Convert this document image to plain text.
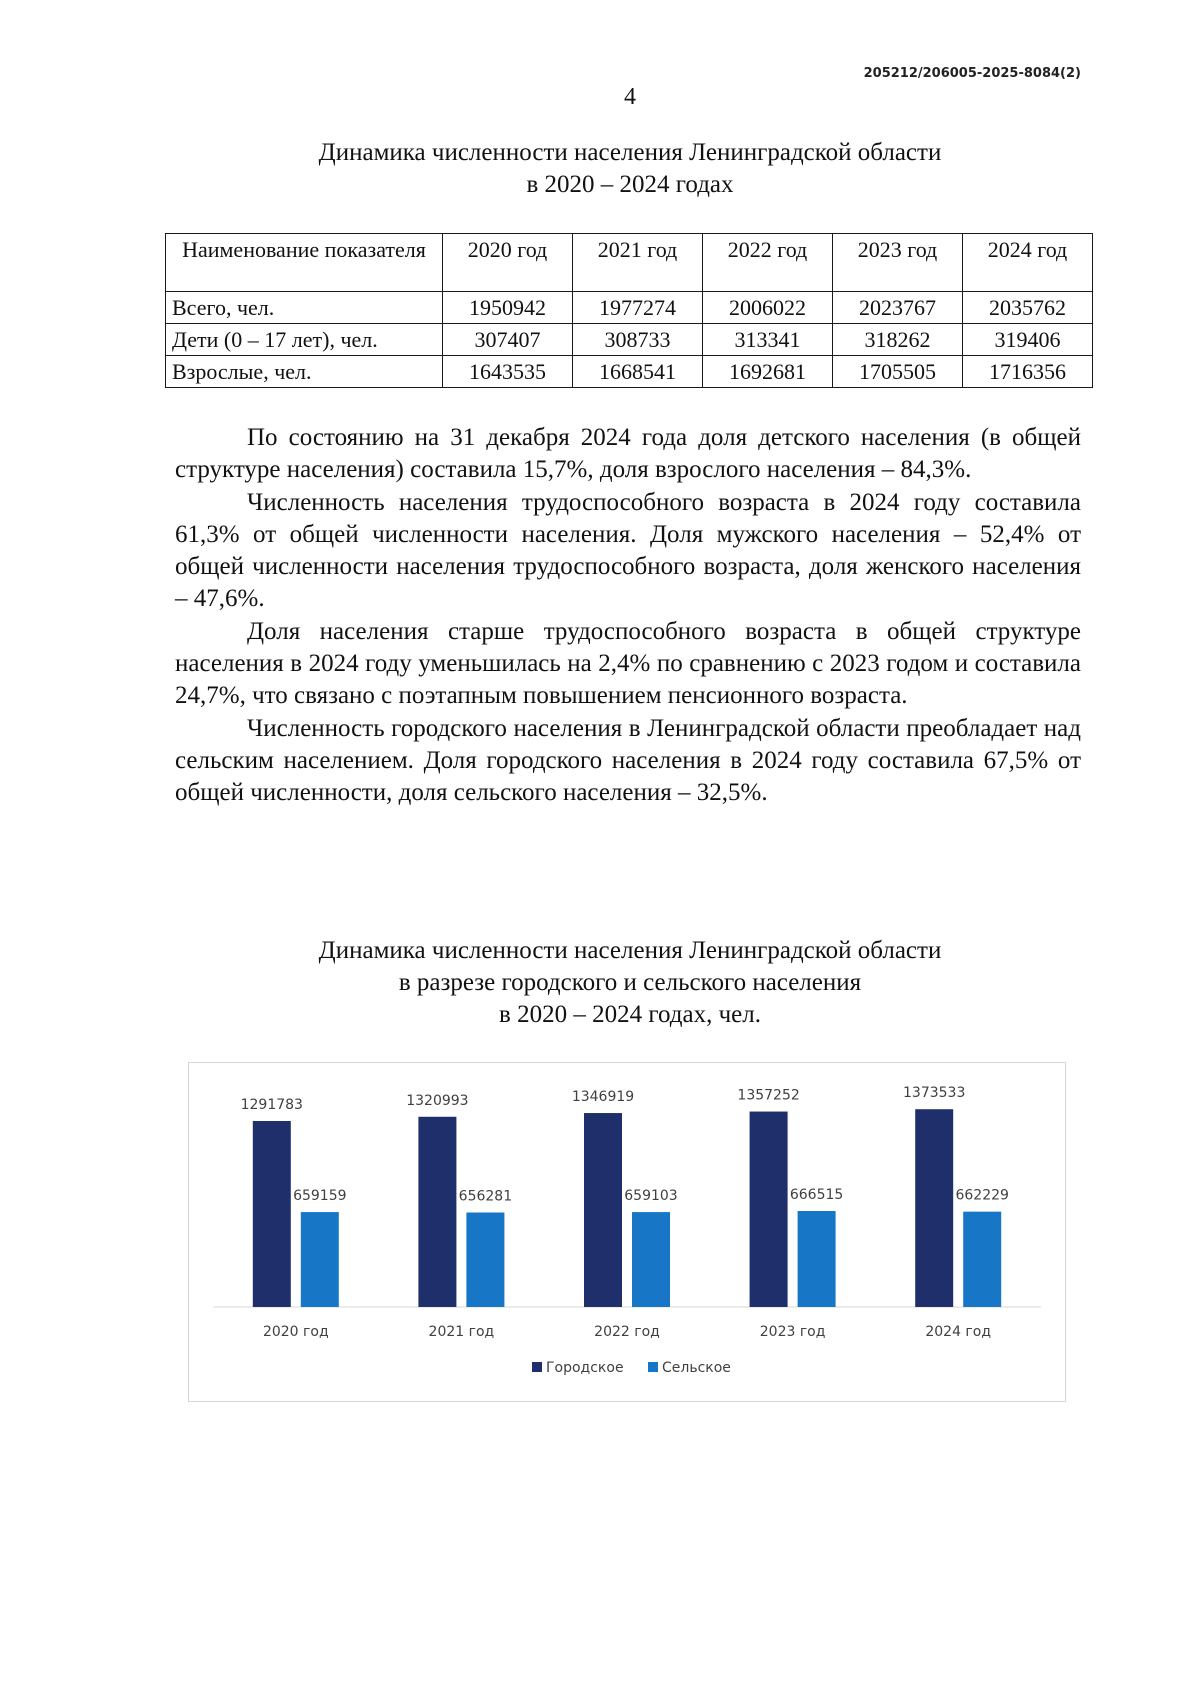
205212/206005-2025-8084(2)
4
Динамика численности населения Ленинградской области
в 2020 – 2024 годах
Наименование показателя	2020 год	2021 год	2022 год	2023 год	2024 год
Всего, чел.	1950942	1977274	2006022	2023767	2035762
Дети (0 – 17 лет), чел.	307407	308733	313341	318262	319406
Взрослые, чел.	1643535	1668541	1692681	1705505	1716356

По состоянию на 31 декабря 2024 года доля детского населения (в общей структуре населения) составила 15,7%, доля взрослого населения – 84,3%.

Численность населения трудоспособного возраста в 2024 году составила 61,3% от общей численности населения. Доля мужского населения – 52,4% от общей численности населения трудоспособного возраста, доля женского населения – 47,6%.

Доля населения старше трудоспособного возраста в общей структуре населения в 2024 году уменьшилась на 2,4% по сравнению с 2023 годом и составила 24,7%, что связано с поэтапным повышением пенсионного возраста.

Численность городского населения в Ленинградской области преобладает над сельским населением. Доля городского населения в 2024 году составила 67,5% от общей численности, доля сельского населения – 32,5%.

Динамика численности населения Ленинградской области
в разрезе городского и сельского населения
в 2020 – 2024 годах, чел.
1291783
659159
2020 год
1320993
656281
2021 год
1346919
659103
2022 год
1357252
666515
2023 год
1373533
662229
2024 год
Городское	Сельское
